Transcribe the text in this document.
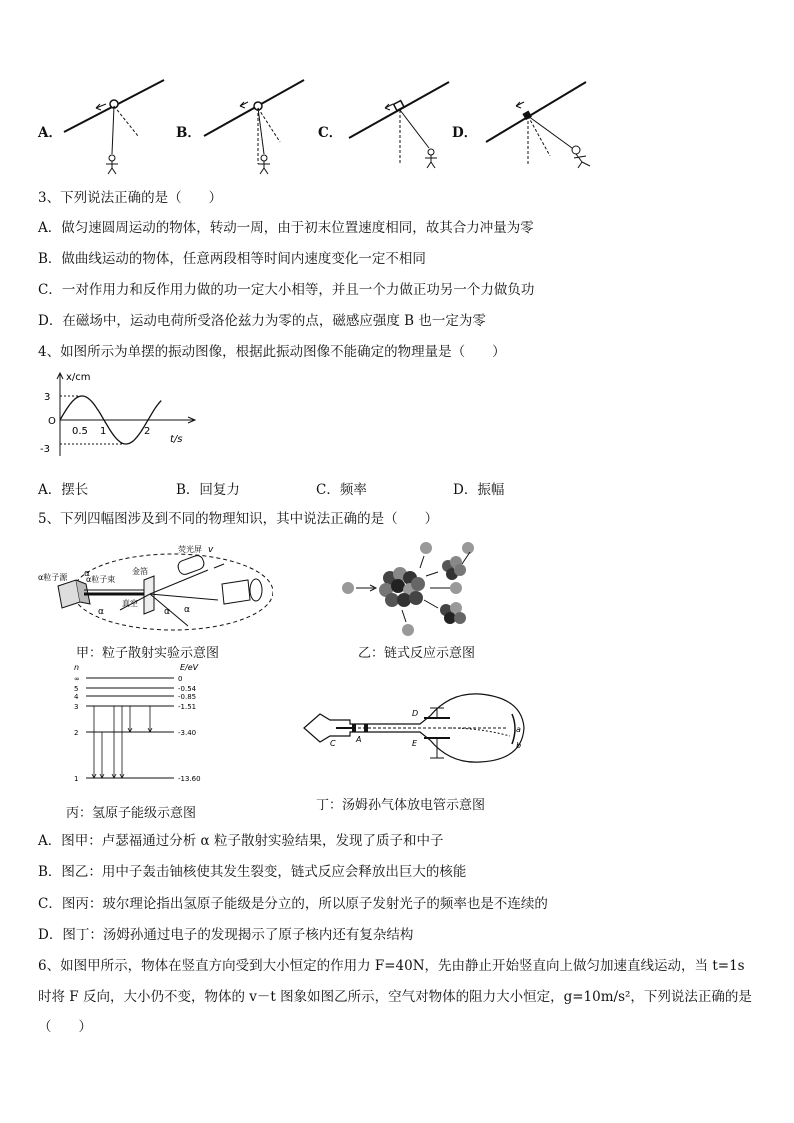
A．	B．	C．	D．
3、下列说法正确的是（　　）
A．做匀速圆周运动的物体，转动一周，由于初末位置速度相同，故其合力冲量为零
B．做曲线运动的物体，任意两段相等时间内速度变化一定不相同
C．一对作用力和反作用力做的功一定大小相等，并且一个力做正功另一个力做负功
D．在磁场中，运动电荷所受洛伦兹力为零的点，磁感应强度 B 也一定为零
4、如图所示为单摆的振动图像，根据此振动图像不能确定的物理量是（　　）
3
O
-3
x/cm
0.5 1	2
t/s
A．摆长	B．回复力	C．频率	D．振幅
5、下列四幅图涉及到不同的物理知识，其中说法正确的是（　　）
α粒子源 α粒子束
金箔
荧光屏
真空
α
α α
α
v
甲：粒子散射实验示意图	乙：链式反应示意图
n	E/eV
∞	0
5	-0.54
4	-0.85
3	-1.51
2	-3.40
1	-13.60
丙：氢原子能级示意图
C	A
D
E
a
b
丁：汤姆孙气体放电管示意图
A．图甲：卢瑟福通过分析 α 粒子散射实验结果，发现了质子和中子
B．图乙：用中子轰击铀核使其发生裂变，链式反应会释放出巨大的核能
C．图丙：玻尔理论指出氢原子能级是分立的，所以原子发射光子的频率也是不连续的
D．图丁：汤姆孙通过电子的发现揭示了原子核内还有复杂结构
6、如图甲所示，物体在竖直方向受到大小恒定的作用力 F=40N，先由静止开始竖直向上做匀加速直线运动，当 t=1s
时将 F 反向，大小仍不变，物体的 v－t 图象如图乙所示，空气对物体的阻力大小恒定，g=10m/s²，下列说法正确的是
（　　）
